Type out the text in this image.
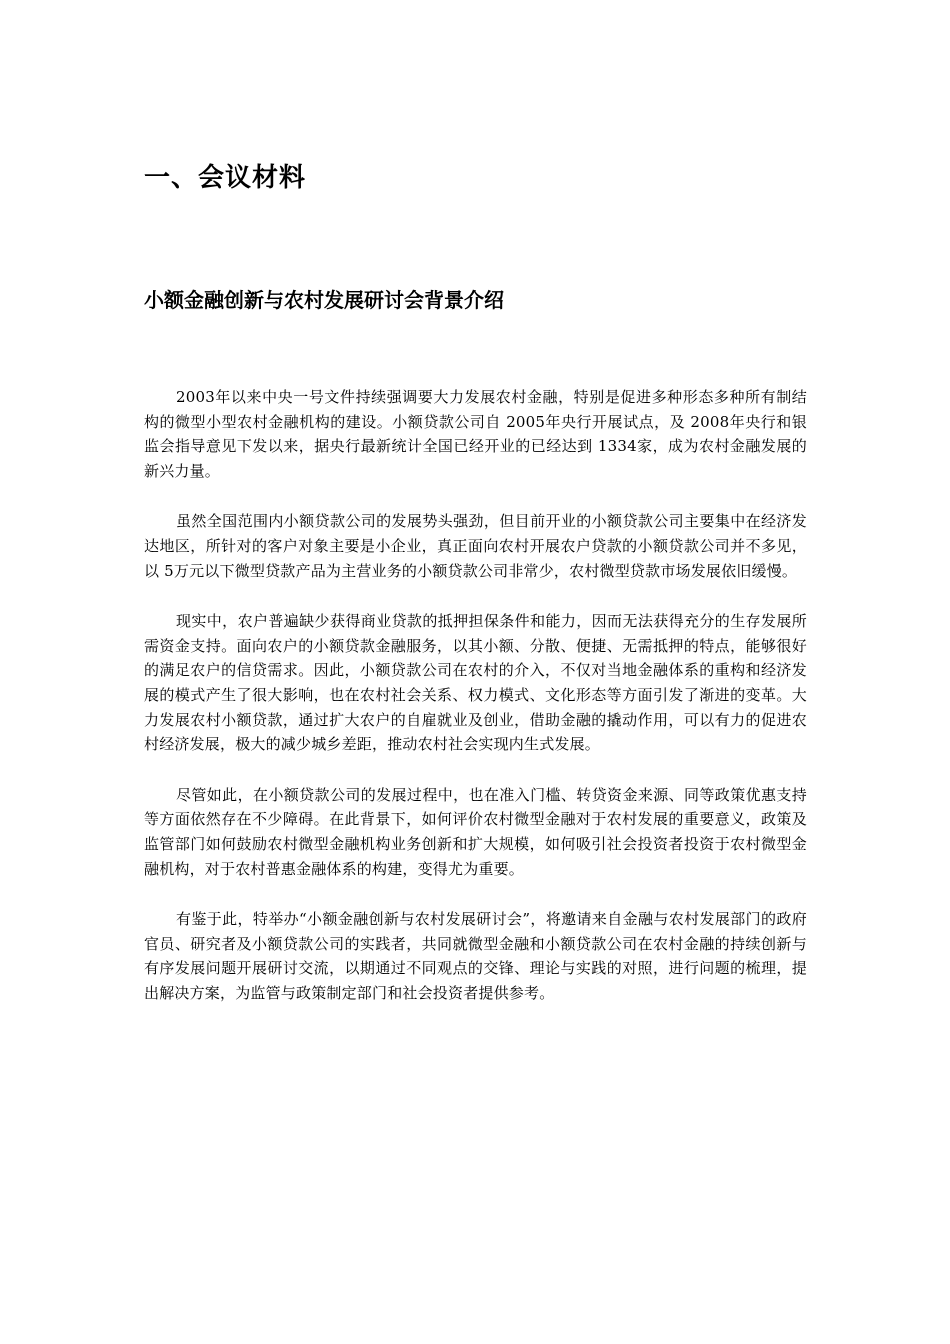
一、会议材料
小额金融创新与农村发展研讨会背景介绍

2003年以来中央一号文件持续强调要大力发展农村金融，特别是促进多种形态多种所有制结构的微型小型农村金融机构的建设。小额贷款公司自 2005年央行开展试点，及 2008年央行和银监会指导意见下发以来，据央行最新统计全国已经开业的已经达到 1334家，成为农村金融发展的新兴力量。

虽然全国范围内小额贷款公司的发展势头强劲，但目前开业的小额贷款公司主要集中在经济发达地区，所针对的客户对象主要是小企业，真正面向农村开展农户贷款的小额贷款公司并不多见，以 5万元以下微型贷款产品为主营业务的小额贷款公司非常少，农村微型贷款市场发展依旧缓慢。

现实中，农户普遍缺少获得商业贷款的抵押担保条件和能力，因而无法获得充分的生存发展所需资金支持。面向农户的小额贷款金融服务，以其小额、分散、便捷、无需抵押的特点，能够很好的满足农户的信贷需求。因此，小额贷款公司在农村的介入，不仅对当地金融体系的重构和经济发展的模式产生了很大影响，也在农村社会关系、权力模式、文化形态等方面引发了渐进的变革。大力发展农村小额贷款，通过扩大农户的自雇就业及创业，借助金融的撬动作用，可以有力的促进农村经济发展，极大的减少城乡差距，推动农村社会实现内生式发展。

尽管如此，在小额贷款公司的发展过程中，也在准入门槛、转贷资金来源、同等政策优惠支持等方面依然存在不少障碍。在此背景下，如何评价农村微型金融对于农村发展的重要意义，政策及监管部门如何鼓励农村微型金融机构业务创新和扩大规模，如何吸引社会投资者投资于农村微型金融机构，对于农村普惠金融体系的构建，变得尤为重要。

有鉴于此，特举办“小额金融创新与农村发展研讨会”，将邀请来自金融与农村发展部门的政府官员、研究者及小额贷款公司的实践者，共同就微型金融和小额贷款公司在农村金融的持续创新与有序发展问题开展研讨交流，以期通过不同观点的交锋、理论与实践的对照，进行问题的梳理，提出解决方案，为监管与政策制定部门和社会投资者提供参考。
